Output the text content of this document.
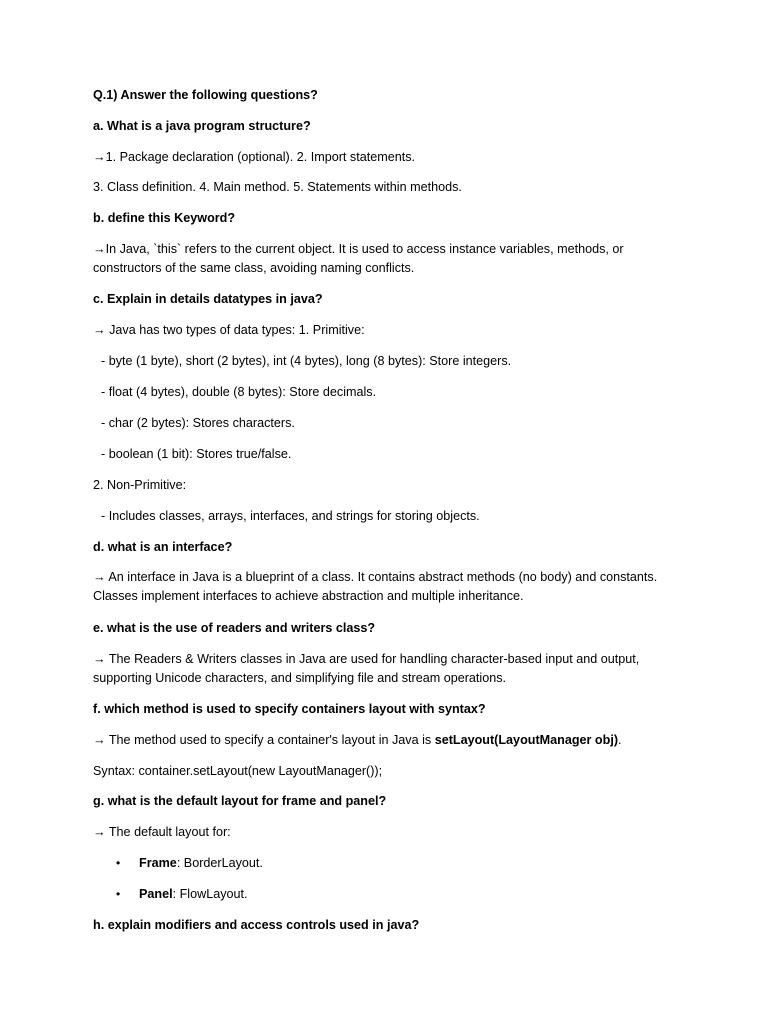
Q.1) Answer the following questions?
a. What is a java program structure?
→1. Package declaration (optional). 2. Import statements.
3. Class definition. 4. Main method. 5. Statements within methods.
b. define this Keyword?
→In Java, `this` refers to the current object. It is used to access instance variables, methods, or constructors of the same class, avoiding naming conflicts.
c. Explain in details datatypes in java?
→ Java has two types of data types: 1. Primitive:
- byte (1 byte), short (2 bytes), int (4 bytes), long (8 bytes): Store integers.
- float (4 bytes), double (8 bytes): Store decimals.
- char (2 bytes): Stores characters.
- boolean (1 bit): Stores true/false.
2. Non-Primitive:
- Includes classes, arrays, interfaces, and strings for storing objects.
d. what is an interface?
→ An interface in Java is a blueprint of a class. It contains abstract methods (no body) and constants. Classes implement interfaces to achieve abstraction and multiple inheritance.
e. what is the use of readers and writers class?
→ The Readers & Writers classes in Java are used for handling character-based input and output, supporting Unicode characters, and simplifying file and stream operations.
f. which method is used to specify containers layout with syntax?
→ The method used to specify a container's layout in Java is setLayout(LayoutManager obj).
Syntax: container.setLayout(new LayoutManager());
g. what is the default layout for frame and panel?
→ The default layout for:
• Frame: BorderLayout.
• Panel: FlowLayout.
h. explain modifiers and access controls used in java?
